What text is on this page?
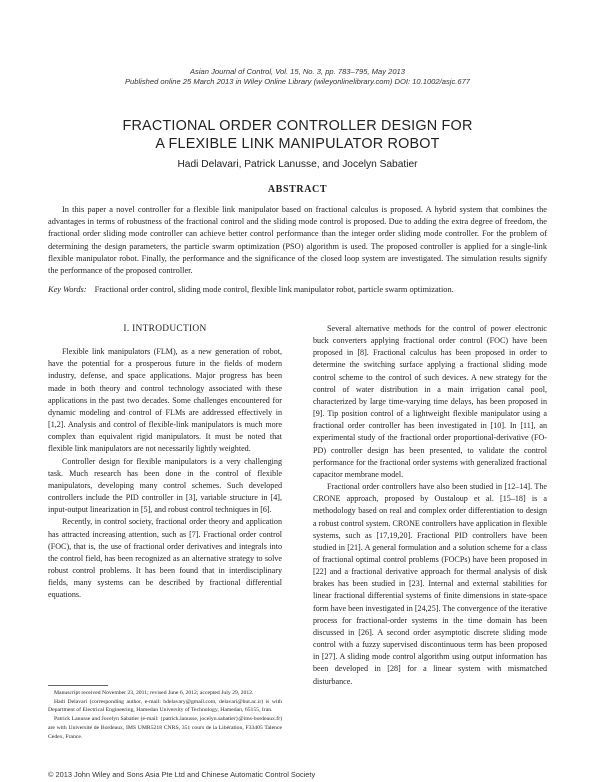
Asian Journal of Control, Vol. 15, No. 3, pp. 783–795, May 2013
Published online 25 March 2013 in Wiley Online Library (wileyonlinelibrary.com) DOI: 10.1002/asjc.677
FRACTIONAL ORDER CONTROLLER DESIGN FOR
A FLEXIBLE LINK MANIPULATOR ROBOT
Hadi Delavari, Patrick Lanusse, and Jocelyn Sabatier
ABSTRACT

In this paper a novel controller for a flexible link manipulator based on fractional calculus is proposed. A hybrid system that combines the advantages in terms of robustness of the fractional control and the sliding mode control is proposed. Due to adding the extra degree of freedom, the fractional order sliding mode controller can achieve better control performance than the integer order sliding mode controller. For the problem of determining the design parameters, the particle swarm optimization (PSO) algorithm is used. The proposed controller is applied for a single-link flexible manipulator robot. Finally, the performance and the significance of the closed loop system are investigated. The simulation results signify the performance of the proposed controller.

Key Words: Fractional order control, sliding mode control, flexible link manipulator robot, particle swarm optimization.

I. INTRODUCTION

Flexible link manipulators (FLM), as a new generation of robot, have the potential for a prosperous future in the fields of modern industry, defense, and space applications. Major progress has been made in both theory and control technology associated with these applications in the past two decades. Some challenges encountered for dynamic modeling and control of FLMs are addressed effectively in [1,2]. Analysis and control of flexible-link manipulators is much more complex than equivalent rigid manipulators. It must be noted that flexible link manipulators are not necessarily lightly weighted.

Controller design for flexible manipulators is a very challenging task. Much research has been done in the control of flexible manipulators, developing many control schemes. Such developed controllers include the PID controller in [3], variable structure in [4], input-output linearization in [5], and robust control techniques in [6].

Recently, in control society, fractional order theory and application has attracted increasing attention, such as [7]. Fractional order control (FOC), that is, the use of fractional order derivatives and integrals into the control field, has been recognized as an alternative strategy to solve robust control problems. It has been found that in interdisciplinary fields, many systems can be described by fractional differential equations.

Several alternative methods for the control of power electronic buck converters applying fractional order control (FOC) have been proposed in [8]. Fractional calculus has been proposed in order to determine the switching surface applying a fractional sliding mode control scheme to the control of such devices. A new strategy for the control of water distribution in a main irrigation canal pool, characterized by large time-varying time delays, has been proposed in [9]. Tip position control of a lightweight flexible manipulator using a fractional order controller has been investigated in [10]. In [11], an experimental study of the fractional order proportional-derivative (FO-PD) controller design has been presented, to validate the control performance for the fractional order systems with generalized fractional capacitor membrane model.

Fractional order controllers have also been studied in [12–14]. The CRONE approach, proposed by Oustaloup et al. [15–18] is a methodology based on real and complex order differentiation to design a robust control system. CRONE controllers have application in flexible systems, such as [17,19,20]. Fractional PID controllers have been studied in [21]. A general formulation and a solution scheme for a class of fractional optimal control problems (FOCPs) have been proposed in [22] and a fractional derivative approach for thermal analysis of disk brakes has been studied in [23]. Internal and external stabilities for linear fractional differential systems of finite dimensions in state-space form have been investigated in [24,25]. The convergence of the iterative process for fractional-order systems in the time domain has been discussed in [26]. A second order asymptotic discrete sliding mode control with a fuzzy supervised discontinuous term has been proposed in [27]. A sliding mode control algorithm using output information has been developed in [28] for a linear system with mismatched disturbance.

Manuscript received November 23, 2011; revised June 6, 2012; accepted July 29, 2012.

Hadi Delavari (corresponding author, e-mail: hdelavary@gmail.com, delavari@hut.ac.ir) is with Department of Electrical Engineering, Hamedan University of Technology, Hamedan, 65155, Iran.

Patrick Lanusse and Jocelyn Sabatier (e-mail: {patrick.lanusse, jocelyn.sabatier}@ims-bordeaux.fr) are with Université de Bordeaux, IMS UMR5218 CNRS, 351 cours de la Libération, F33405 Talence Cedex, France.

© 2013 John Wiley and Sons Asia Pte Ltd and Chinese Automatic Control Society
